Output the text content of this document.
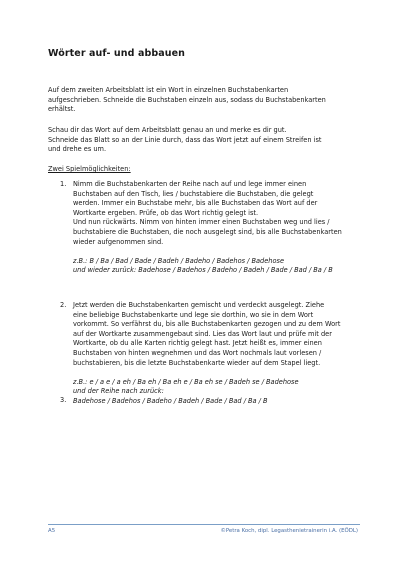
Wörter auf- und abbauen
Auf dem zweiten Arbeitsblatt ist ein Wort in einzelnen Buchstabenkarten
aufgeschrieben. Schneide die Buchstaben einzeln aus, sodass du Buchstabenkarten
erhältst.
Schau dir das Wort auf dem Arbeitsblatt genau an und merke es dir gut.
Schneide das Blatt so an der Linie durch, dass das Wort jetzt auf einem Streifen ist
und drehe es um.
Zwei Spielmöglichkeiten:
1. Nimm die Buchstabenkarten der Reihe nach auf und lege immer einen
Buchstaben auf den Tisch, lies / buchstabiere die Buchstaben, die gelegt
werden. Immer ein Buchstabe mehr, bis alle Buchstaben das Wort auf der
Wortkarte ergeben. Prüfe, ob das Wort richtig gelegt ist.
Und nun rückwärts. Nimm von hinten immer einen Buchstaben weg und lies /
buchstabiere die Buchstaben, die noch ausgelegt sind, bis alle Buchstabenkarten
wieder aufgenommen sind.
z.B.: B / Ba / Bad / Bade / Badeh / Badeho / Badehos / Badehose
und wieder zurück: Badehose / Badehos / Badeho / Badeh / Bade / Bad / Ba / B
2. Jetzt werden die Buchstabenkarten gemischt und verdeckt ausgelegt. Ziehe
eine beliebige Buchstabenkarte und lege sie dorthin, wo sie in dem Wort
vorkommt. So verfährst du, bis alle Buchstabenkarten gezogen und zu dem Wort
auf der Wortkarte zusammengebaut sind. Lies das Wort laut und prüfe mit der
Wortkarte, ob du alle Karten richtig gelegt hast. Jetzt heißt es, immer einen
Buchstaben von hinten wegnehmen und das Wort nochmals laut vorlesen /
buchstabieren, bis die letzte Buchstabenkarte wieder auf dem Stapel liegt.
z.B.: e / a e / a eh / Ba eh / Ba eh e / Ba eh se / Badeh se / Badehose
und der Reihe nach zurück:
Badehose / Badehos / Badeho / Badeh / Bade / Bad / Ba / B
3.
A5	©Petra Koch, dipl. Legasthenietrainerin i.A. (EÖDL)
